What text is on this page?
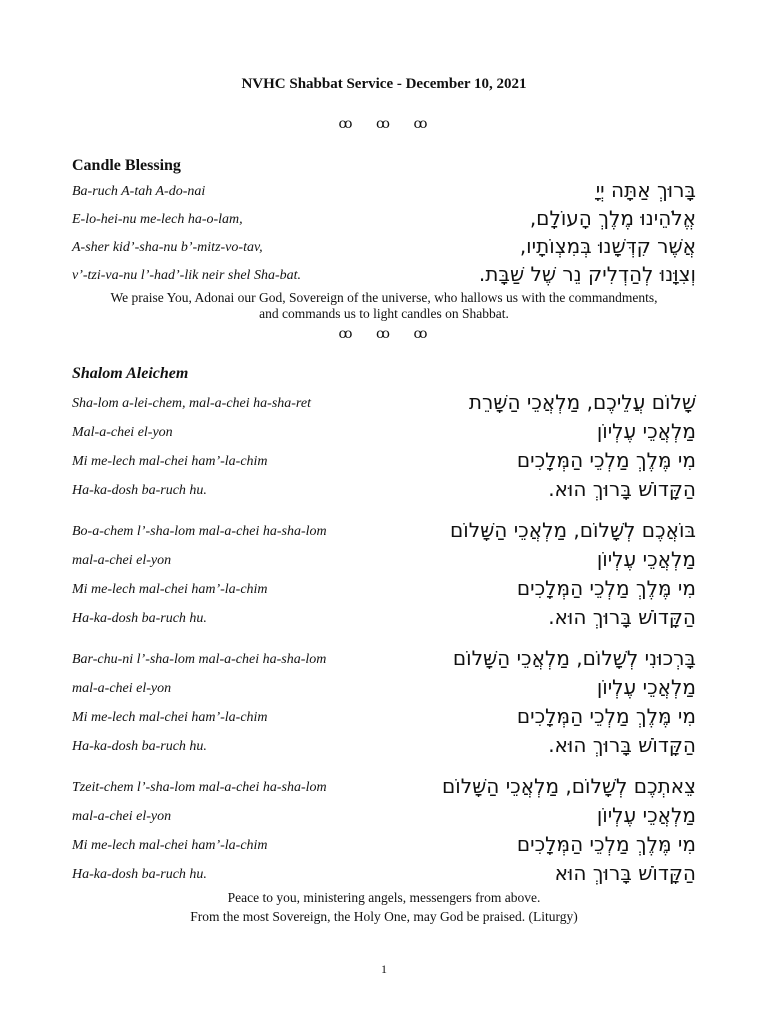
NVHC Shabbat Service - December 10, 2021
ꝏ ꝏ ꝏ
Candle Blessing
Ba-ruch A-tah A-do-nai	בָּרוּךְ אַתָּה יְיָ
E-lo-hei-nu me-lech ha-o-lam,	אֱלֹהֵינוּ מֶלֶךְ הָעוֹלָם,
A-sher kid’-sha-nu b’-mitz-vo-tav,	אֲשֶׁר קִדְּשָׁנוּ בְּמִצְוֹתָיו,
v’-tzi-va-nu l’-had’-lik neir shel Sha-bat.	וְצִוָּנוּ לְהַדְלִיק נֵר שֶׁל שַׁבָּת.
We praise You, Adonai our God, Sovereign of the universe, who hallows us with the commandments,
and commands us to light candles on Shabbat.
ꝏ ꝏ ꝏ
Shalom Aleichem
Sha-lom a-lei-chem, mal-a-chei ha-sha-ret	שָׁלוֹם עֲלֵיכֶם, מַלְאֲכֵי הַשָּׁרֵת
Mal-a-chei el-yon	מַלְאֲכֵי עֶלְיוֹן
Mi me-lech mal-chei ham’-la-chim	מִי מֶּלֶךְ מַלְכֵי הַמְּלָכִים
Ha-ka-dosh ba-ruch hu.	הַקָּדוֹשׁ בָּרוּךְ הוּא.
Bo-a-chem l’-sha-lom mal-a-chei ha-sha-lom	בּוֹאֲכֶם לְשָׁלוֹם, מַלְאֲכֵי הַשָּׁלוֹם
mal-a-chei el-yon	מַלְאֲכֵי עֶלְיוֹן
Mi me-lech mal-chei ham’-la-chim	מִי מֶּלֶךְ מַלְכֵי הַמְּלָכִים
Ha-ka-dosh ba-ruch hu.	הַקָּדוֹשׁ בָּרוּךְ הוּא.
Bar-chu-ni l’-sha-lom mal-a-chei ha-sha-lom	בָּרְכוּנִי לְשָׁלוֹם, מַלְאֲכֵי הַשָּׁלוֹם
mal-a-chei el-yon	מַלְאֲכֵי עֶלְיוֹן
Mi me-lech mal-chei ham’-la-chim	מִי מֶּלֶךְ מַלְכֵי הַמְּלָכִים
Ha-ka-dosh ba-ruch hu.	הַקָּדוֹשׁ בָּרוּךְ הוּא.
Tzeit-chem l’-sha-lom mal-a-chei ha-sha-lom	צֵאתְכֶם לְשָׁלוֹם, מַלְאֲכֵי הַשָּׁלוֹם
mal-a-chei el-yon	מַלְאֲכֵי עֶלְיוֹן
Mi me-lech mal-chei ham’-la-chim	מִי מֶּלֶךְ מַלְכֵי הַמְּלָכִים
Ha-ka-dosh ba-ruch hu.	הַקָּדוֹשׁ בָּרוּךְ הוּא
Peace to you, ministering angels, messengers from above.
From the most Sovereign, the Holy One, may God be praised. (Liturgy)
1
